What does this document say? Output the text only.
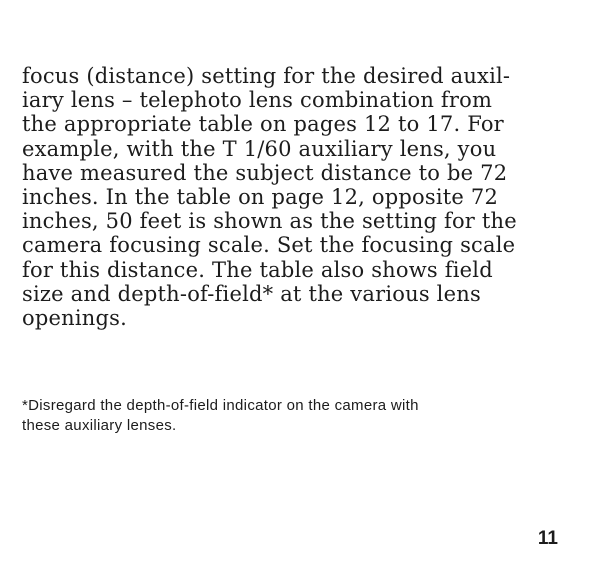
focus (distance) setting for the desired auxil-
iary lens – telephoto lens combination from
the appropriate table on pages 12 to 17. For
example, with the T 1/60 auxiliary lens, you
have measured the subject distance to be 72
inches. In the table on page 12, opposite 72
inches, 50 feet is shown as the setting for the
camera focusing scale. Set the focusing scale
for this distance. The table also shows field
size and depth-of-field* at the various lens
openings.
*Disregard the depth-of-field indicator on the camera with
these auxiliary lenses.
11
